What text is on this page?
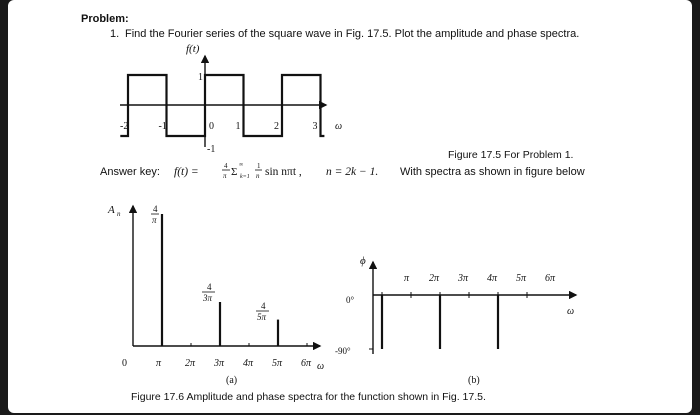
Problem:
1. Find the Fourier series of the square wave in Fig. 17.5. Plot the amplitude and phase spectra.
f(t)
1
-1
ω
-2	-1	0 1	2	3
Figure 17.5 For Problem 1.
Answer key: f(t) =	4
π Σ
∞
k=1
1
n sin nπt , n = 2k − 1. With spectra as shown in figure below
A n
ω
0	π 2π 3π 4π 5π 6π
4
π
4
3π
4
5π
(a)
ϕ
0°
-90°
ω
π 2π 3π 4π 5π 6π
(b)
Figure 17.6 Amplitude and phase spectra for the function shown in Fig. 17.5.
